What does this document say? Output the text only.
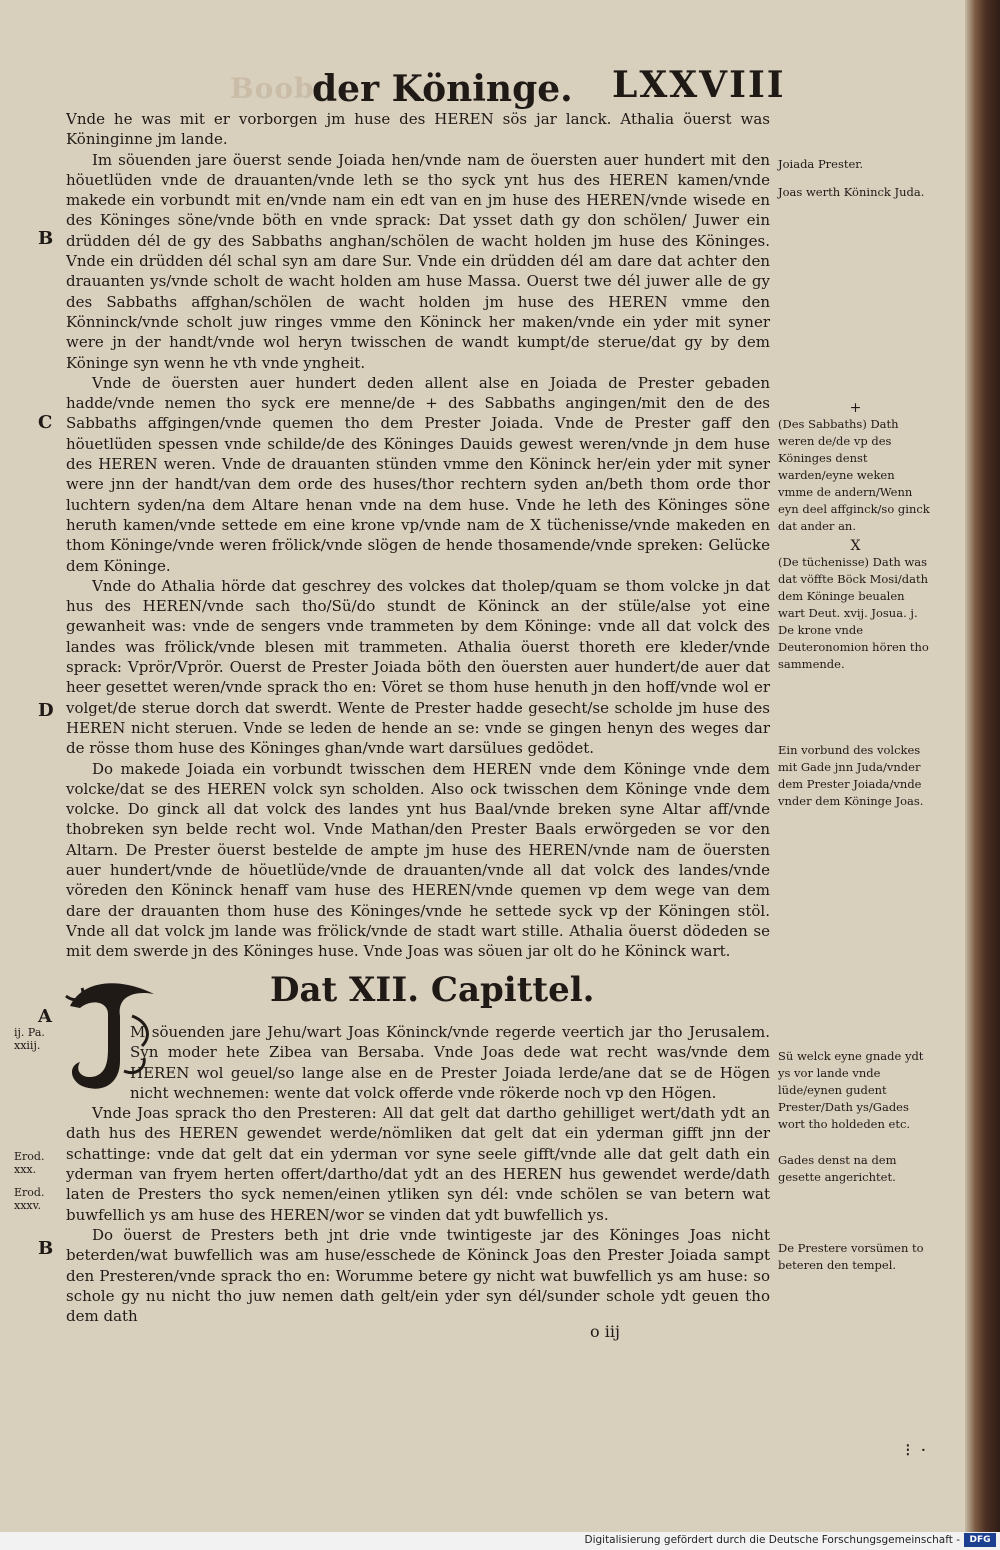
Boob
der Köninge. LXXVIII

Vnde he was mit er vorborgen jm huse des HEREN sös jar lanck. Athalia öuerst was Köninginne jm lande.

Im söuenden jare öuerst sende Joiada hen/vnde nam de öuersten auer hundert mit den höuetlüden vnde de drauanten/vnde leth se tho syck ynt hus des HEREN kamen/vnde makede ein vorbundt mit en/vnde nam ein edt van en jm huse des HEREN/vnde wisede en des Köninges söne/vnde böth en vnde sprack: Dat ysset dath gy don schölen/ Juwer ein drüdden dél de gy des Sabbaths anghan/schölen de wacht holden jm huse des Köninges. Vnde ein drüdden dél schal syn am dare Sur. Vnde ein drüdden dél am dare dat achter den drauanten ys/vnde scholt de wacht holden am huse Massa. Ouerst twe dél juwer alle de gy des Sabbaths affghan/schölen de wacht holden jm huse des HEREN vmme den Könninck/vnde scholt juw ringes vmme den Köninck her maken/vnde ein yder mit syner were jn der handt/vnde wol heryn twisschen de wandt kumpt/de sterue/dat gy by dem Köninge syn wenn he vth vnde yngheit.

Vnde de öuersten auer hundert deden allent alse en Joiada de Prester gebaden hadde/vnde nemen tho syck ere menne/de + des Sabbaths angingen/mit den de des Sabbaths affgingen/vnde quemen tho dem Prester Joiada. Vnde de Prester gaff den höuetlüden spessen vnde schilde/de des Köninges Dauids gewest weren/vnde jn dem huse des HEREN weren. Vnde de drauanten stünden vmme den Köninck her/ein yder mit syner were jnn der handt/van dem orde des huses/thor rechtern syden an/beth thom orde thor luchtern syden/na dem Altare henan vnde na dem huse. Vnde he leth des Köninges söne heruth kamen/vnde settede em eine krone vp/vnde nam de X tüchenisse/vnde makeden en thom Köninge/vnde weren frölick/vnde slögen de hende thosamende/vnde spreken: Gelücke dem Köninge.

Vnde do Athalia hörde dat geschrey des volckes dat tholep/quam se thom volcke jn dat hus des HEREN/vnde sach tho/Sü/do stundt de Köninck an der stüle/alse yot eine gewanheit was: vnde de sengers vnde trammeten by dem Köninge: vnde all dat volck des landes was frölick/vnde blesen mit trammeten. Athalia öuerst thoreth ere kleder/vnde sprack: Vprör/Vprör. Ouerst de Prester Joiada böth den öuersten auer hundert/de auer dat heer gesettet weren/vnde sprack tho en: Vöret se thom huse henuth jn den hoff/vnde wol er volget/de sterue dorch dat swerdt. Wente de Prester hadde gesecht/se scholde jm huse des HEREN nicht steruen. Vnde se leden de hende an se: vnde se gingen henyn des weges dar de rösse thom huse des Köninges ghan/vnde wart darsülues gedödet.

Do makede Joiada ein vorbundt twisschen dem HEREN vnde dem Köninge vnde dem volcke/dat se des HEREN volck syn scholden. Also ock twisschen dem Köninge vnde dem volcke. Do ginck all dat volck des landes ynt hus Baal/vnde breken syne Altar aff/vnde thobreken syn belde recht wol. Vnde Mathan/den Prester Baals erwörgeden se vor den Altarn. De Prester öuerst bestelde de ampte jm huse des HEREN/vnde nam de öuersten auer hundert/vnde de höuetlüde/vnde de drauanten/vnde all dat volck des landes/vnde vöreden den Köninck henaff vam huse des HEREN/vnde quemen vp dem wege van dem dare der drauanten thom huse des Köninges/vnde he settede syck vp der Köningen stöl. Vnde all dat volck jm lande was frölick/vnde de stadt wart stille. Athalia öuerst dödeden se mit dem swerde jn des Köninges huse. Vnde Joas was söuen jar olt do he Köninck wart.

Dat XII. Capittel.

M söuenden jare Jehu/wart Joas Köninck/vnde regerde veertich jar tho Jerusalem. Syn moder hete Zibea van Bersaba. Vnde Joas dede wat recht was/vnde dem HEREN wol geuel/so lange alse en de Prester Joiada lerde/ane dat se de Högen nicht wechnemen: wente dat volck offerde vnde rökerde noch vp den Högen.

Vnde Joas sprack tho den Presteren: All dat gelt dat dartho gehilliget wert/dath ydt an dath hus des HEREN gewendet werde/nömliken dat gelt dat ein yderman gifft jnn der schattinge: vnde dat gelt dat ein yderman vor syne seele gifft/vnde alle dat gelt dath ein yderman van fryem herten offert/dartho/dat ydt an des HEREN hus gewendet werde/dath laten de Presters tho syck nemen/einen ytliken syn dél: vnde schölen se van betern wat buwfellich ys am huse des HEREN/wor se vinden dat ydt buwfellich ys.

Do öuerst de Presters beth jnt drie vnde twintigeste jar des Köninges Joas nicht beterden/wat buwfellich was am huse/esschede de Köninck Joas den Prester Joiada sampt den Presteren/vnde sprack tho en: Worumme betere gy nicht wat buwfellich ys am huse: so schole gy nu nicht tho juw nemen dath gelt/ein yder syn dél/sunder schole ydt geuen tho dem dath

Joiada Prester.
Joas werth Köninck Juda.
+
(Des Sabbaths) Dath weren de/de vp des Köninges denst warden/eyne weken vmme de andern/Wenn eyn deel affginck/so ginck dat ander an.
X
(De tüchenisse) Dath was dat vöffte Böck Mosi/dath dem Köninge beualen wart Deut. xvij. Josua. j. De krone vnde Deuteronomion hören tho sammende.
Ein vorbund des volckes mit Gade jnn Juda/vnder dem Prester Joiada/vnde vnder dem Köninge Joas.
Sü welck eyne gnade ydt ys vor lande vnde lüde/eynen gudent Prester/Dath ys/Gades wort tho holdeden etc.
Gades denst na dem gesette angerichtet.
De Prestere vorsümen to beteren den tempel.
B
C
D
A
B
ij. Pa. xxiij.
Erod. xxx.
Erod. xxxv.
o iij
⁝ ·
Digitalisierung gefördert durch die Deutsche Forschungsgemeinschaft -	DFG
